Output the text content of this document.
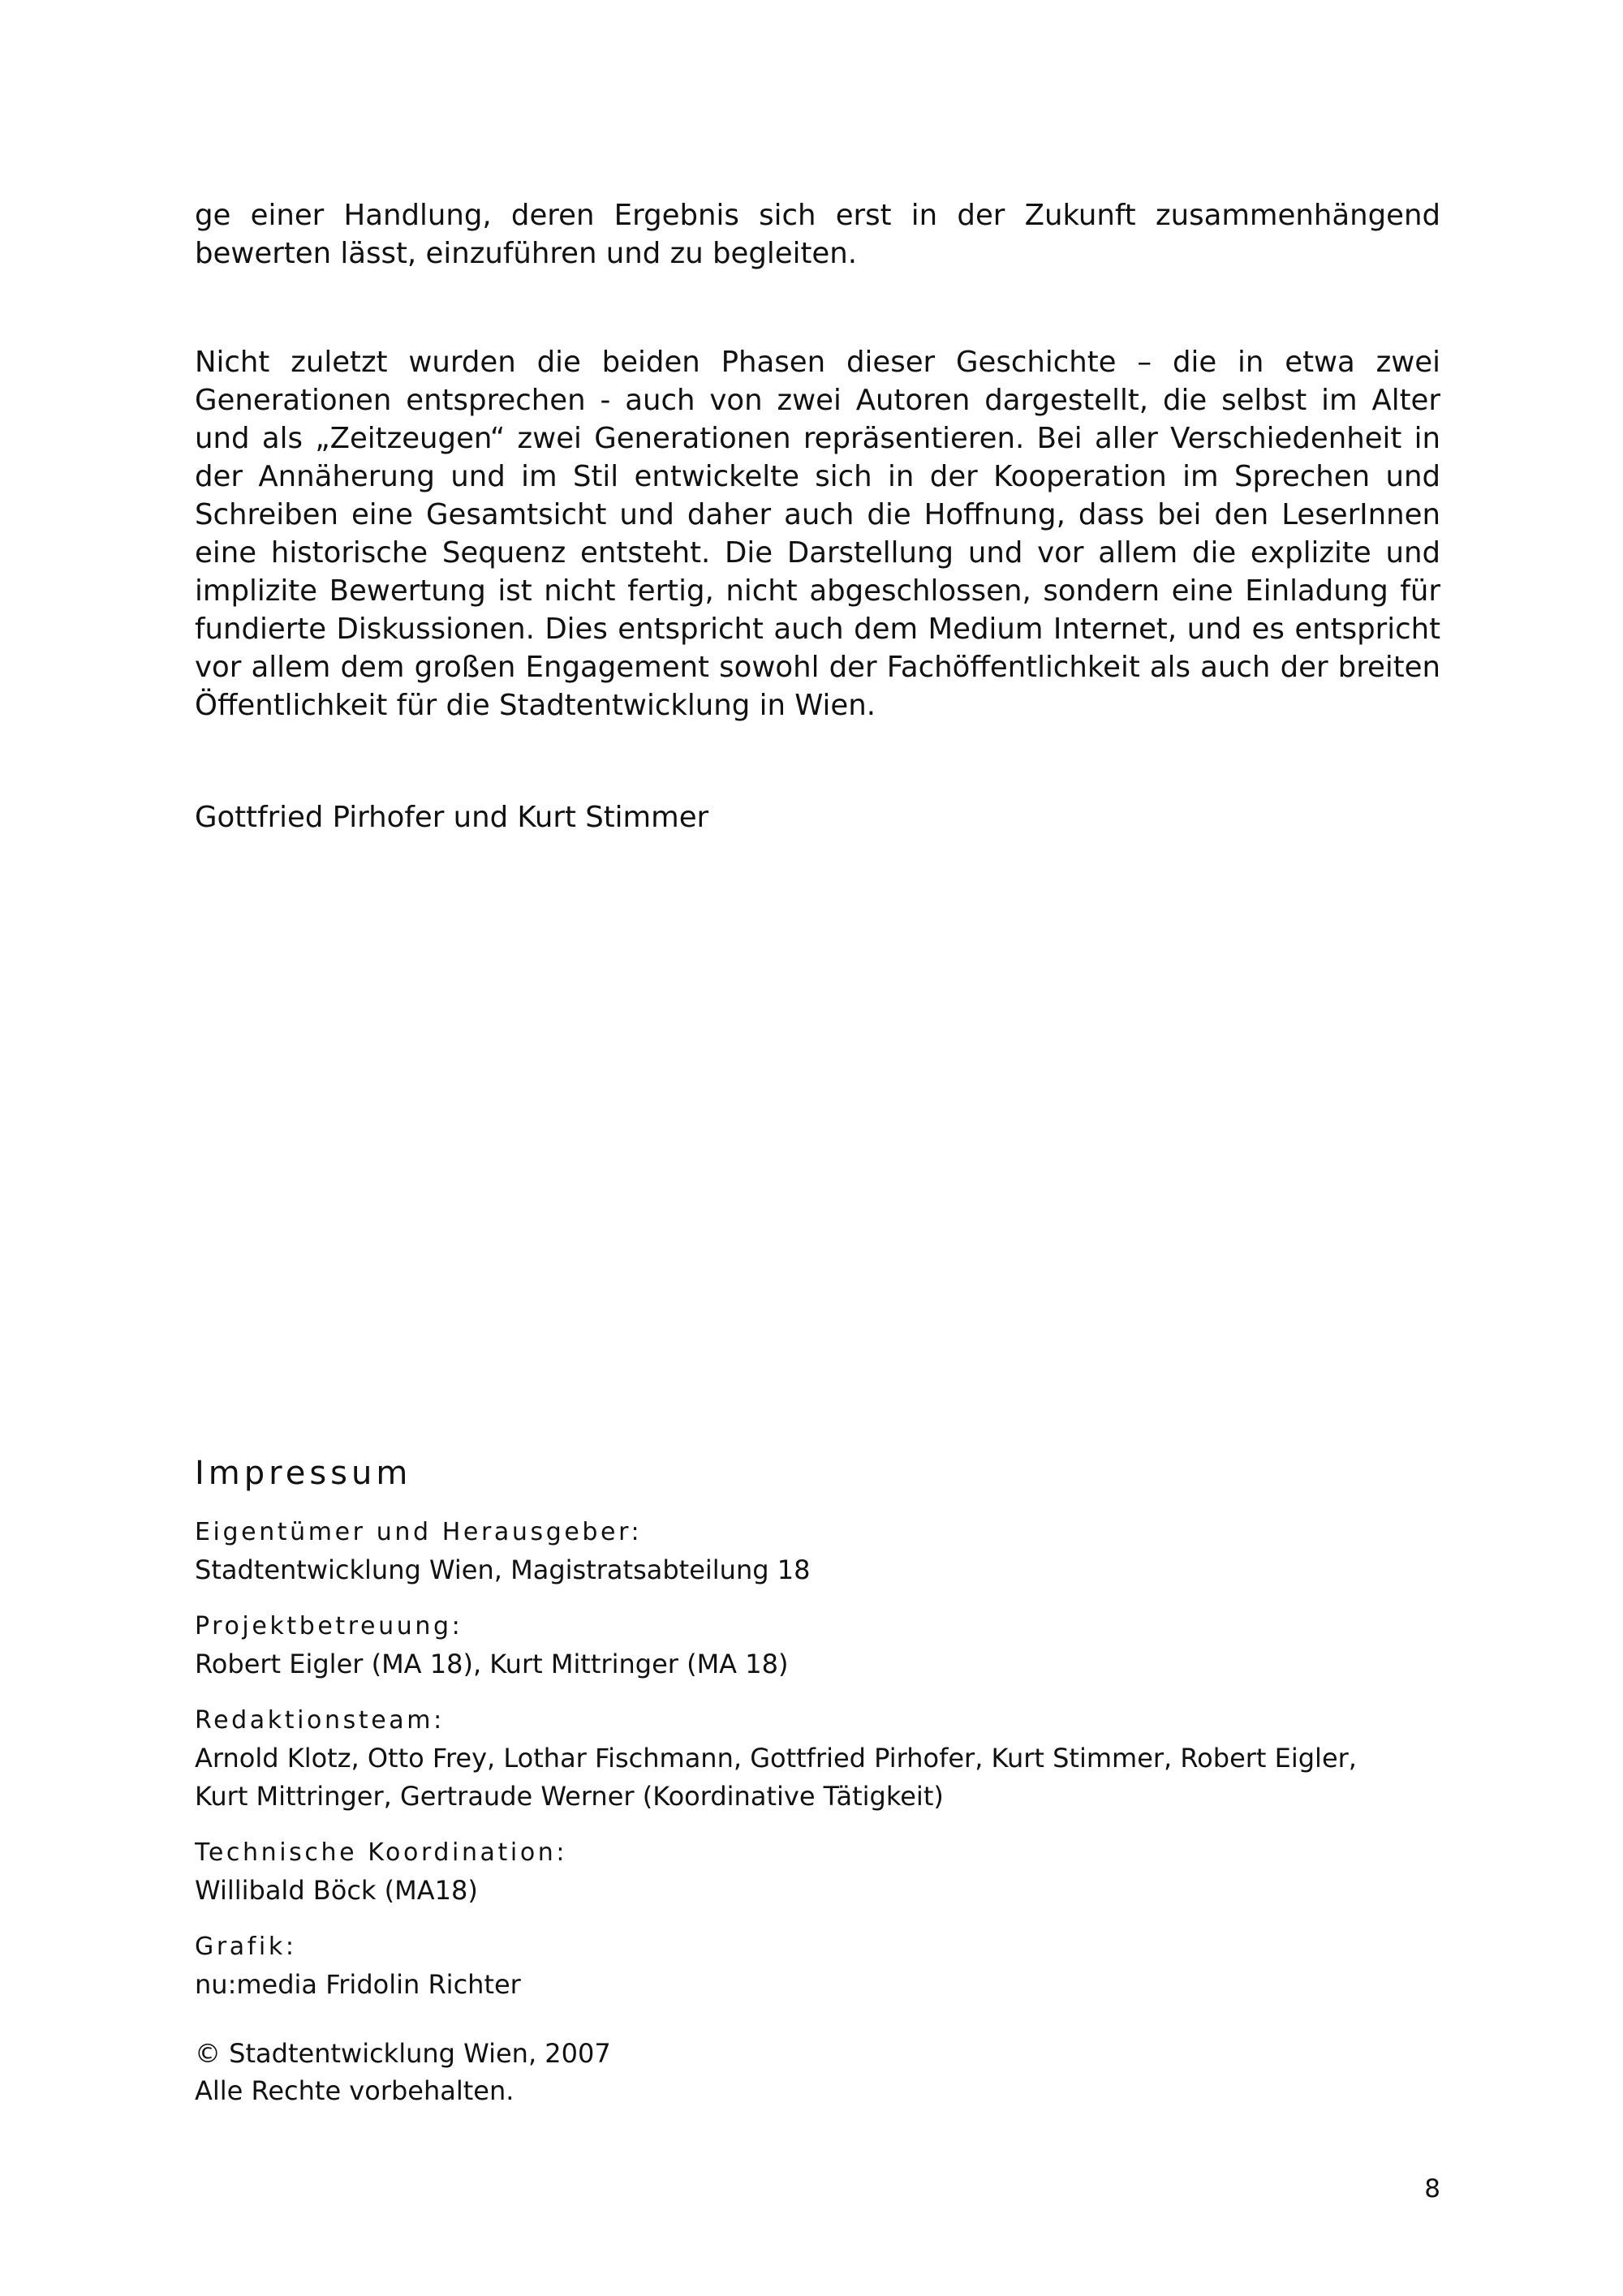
ge einer Handlung, deren Ergebnis sich erst in der Zukunft zusammenhängend bewerten lässt, einzuführen und zu begleiten.

Nicht zuletzt wurden die beiden Phasen dieser Geschichte – die in etwa zwei Generationen entsprechen - auch von zwei Autoren dargestellt, die selbst im Alter und als „Zeitzeugen“ zwei Generationen repräsentieren. Bei aller Verschiedenheit in der Annäherung und im Stil entwickelte sich in der Kooperation im Sprechen und Schreiben eine Gesamtsicht und daher auch die Hoffnung, dass bei den LeserInnen eine historische Sequenz entsteht. Die Darstellung und vor allem die explizite und implizite Bewertung ist nicht fertig, nicht abgeschlossen, sondern eine Einladung für fundierte Diskussionen. Dies entspricht auch dem Medium Internet, und es entspricht vor allem dem großen Engagement sowohl der Fachöffentlichkeit als auch der breiten Öffentlichkeit für die Stadtentwicklung in Wien.

Gottfried Pirhofer und Kurt Stimmer
Impressum
Eigentümer und Herausgeber:
Stadtentwicklung Wien, Magistratsabteilung 18
Projektbetreuung:
Robert Eigler (MA 18), Kurt Mittringer (MA 18)
Redaktionsteam:
Arnold Klotz, Otto Frey, Lothar Fischmann, Gottfried Pirhofer, Kurt Stimmer, Robert Eigler,
Kurt Mittringer, Gertraude Werner (Koordinative Tätigkeit)
Technische Koordination:
Willibald Böck (MA18)
Grafik:
nu:media Fridolin Richter
© Stadtentwicklung Wien, 2007
Alle Rechte vorbehalten.
8
